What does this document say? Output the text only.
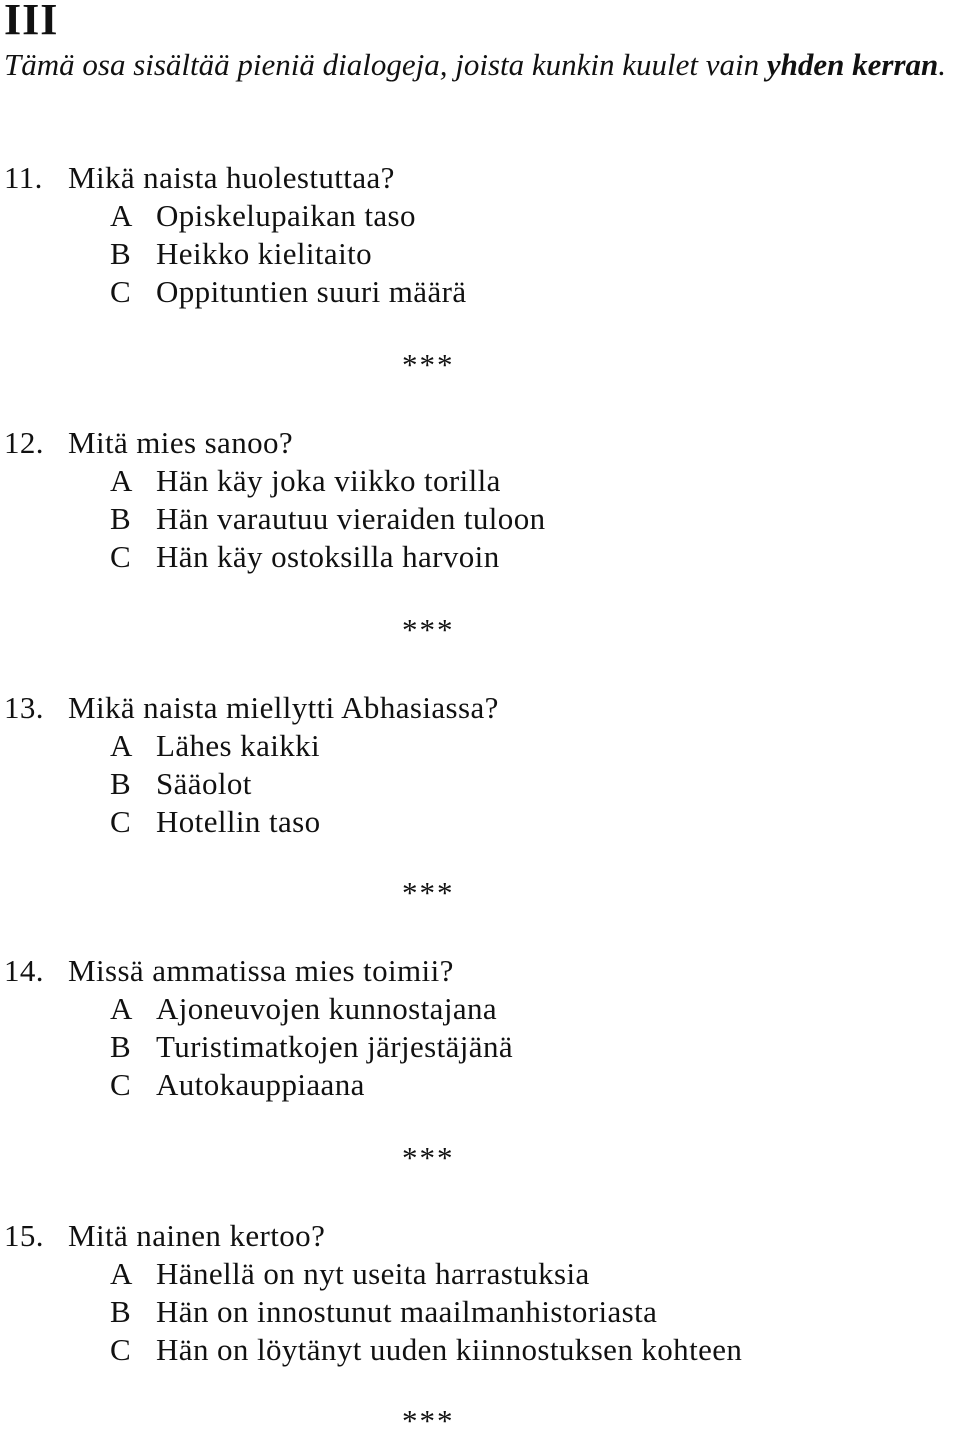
III

Tämä osa sisältää pieniä dialogeja, joista kunkin kuulet vain yhden kerran.

11. Mikä naista huolestuttaa?

A Opiskelupaikan taso
B Heikko kielitaito
C Oppituntien suuri määrä

***

12. Mitä mies sanoo?

A Hän käy joka viikko torilla
B Hän varautuu vieraiden tuloon
C Hän käy ostoksilla harvoin

***

13. Mikä naista miellytti Abhasiassa?

A Lähes kaikki
B Sääolot
C Hotellin taso

***

14. Missä ammatissa mies toimii?

A Ajoneuvojen kunnostajana
B Turistimatkojen järjestäjänä
C Autokauppiaana

***

15. Mitä nainen kertoo?

A Hänellä on nyt useita harrastuksia
B Hän on innostunut maailmanhistoriasta
C Hän on löytänyt uuden kiinnostuksen kohteen

***
